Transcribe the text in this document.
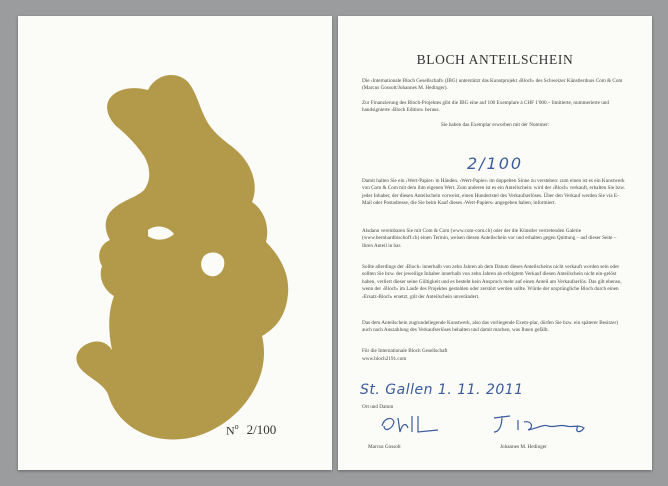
$N^o$ 2/100
BLOCH ANTEILSCHEIN

Die ›Internationale Bloch Gesellschaft‹ (IBG) unterstützt das Kunstprojekt ›Bloch‹ des Schweizer Künstlerduos Com & Com (Marcus Gossolt/Johannes M. Hedinger).

Zur Finanzierung des Bloch-Projektes gibt die IBG eine auf 100 Exemplare à CHF 1'000.– limitierte, nummerierte und handsignierte ›Bloch Edition‹ heraus.

Sie haben das Exemplar erworben mit der Nummer:

2/100

Damit halten Sie ein ›Wert-Papier‹ in Händen. ›Wert-Papier‹ im doppelten Sinne zu verstehen: zum einen ist es ein Kunstwerk von Com & Com mit dem ihm eigenen Wert. Zum anderen ist es ein Anteilschein: wird der ›Bloch‹ verkauft, erhalten Sie bzw. jeder Inhaber, der diesen Anteilschein vorweist, einen Hundertstel des Verkaufserlöses. Über den Verkauf werden Sie via E-Mail oder Postadresse, die Sie beim Kauf dieses ›Wert-Papiers‹ angegeben haben, informiert.

Alsdann vereinbaren Sie mit Com & Com (www.com-com.ch) oder der die Künstler vertretenden Galerie (www.bernhardbischoff.ch) einen Termin, weisen diesen Anteilschein vor und erhalten gegen Quittung – auf dieser Seite – Ihren Anteil in bar.

Sollte allerdings der ›Bloch‹ innerhalb von zehn Jahren ab dem Datum dieses Anteilscheins nicht verkauft worden sein oder sollten Sie bzw. der jeweilige Inhaber innerhalb von zehn Jahren ab erfolgtem Verkauf diesen Anteilschein nicht ein-gelöst haben, verliert dieser seine Gültigkeit und es besteht kein Anspruch mehr auf einen Anteil am Verkaufserlös. Das gilt ebenso, wenn der ›Bloch‹ im Laufe des Projektes gestohlen oder zerstört werden sollte. Würde der ursprüngliche Bloch durch einen ›Ersatz-Bloch‹ ersetzt, gilt der Anteilschein unverändert.

Das dem Anteilschein zugrundeliegende Kunstwerk, also das vorliegende Exem-plar, dürfen Sie bzw. ein späterer Besitzer) auch nach Auszahlung des Verkaufserlöses behalten und damit machen, was Ihnen gefällt.

Für die Internationale Bloch Gesellschaft

www.bloch2191.com

St. Gallen 1. 11. 2011
Ort und Datum
Marcus Gossolt	Johannes M. Hedinger
